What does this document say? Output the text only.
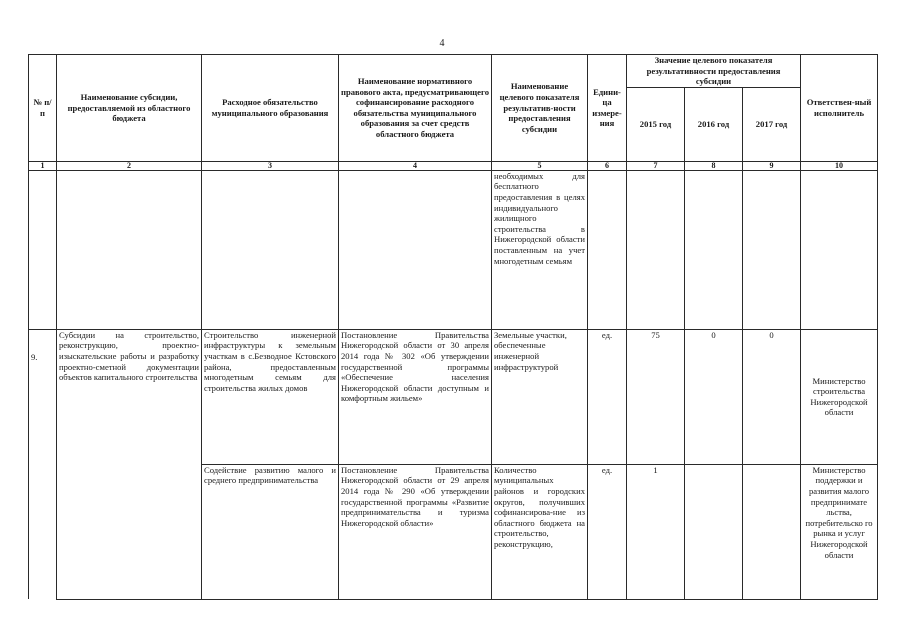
4
№ п/п	Наименование субсидии, предоставляемой из областного бюджета	Расходное обязательство муниципального образования	Наименование нормативного правового акта, предусматривающего софинансирование расходного обязательства муниципального образования за счет средств областного бюджета	Наименование целевого показателя результатив-ности предоставления субсидии	Едини-ца измере-ния	Значение целевого показателя результативности предоставления субсидии			Ответствен-ный исполнитель
						2015 год	2016 год	2017 год	
1	2	3	4	5	6	7	8	9	10
				необходимых для бесплатного предоставления в целях индивидуального жилищного строительства в Нижегородской области поставленным на учет многодетным семьям					
9.	Субсидии на строительство, реконструкцию, проектно-изыскательские работы и разработку проектно-сметной документации объектов капитального строительства	Строительство инженерной инфраструктуры к земельным участкам в с.Безводное Кстовского района, предоставленным многодетным семьям для строительства жилых домов	Постановление Правительства Нижегородской области от 30 апреля 2014 года № 302 «Об утверждении государственной программы «Обеспечение населения Нижегородской области доступным и комфортным жильем»	Земельные участки, обеспеченные инженерной инфраструктурой	ед.	75	0	0	Министерство строительства Нижегородской области
		Содействие развитию малого и среднего предпринимательства	Постановление Правительства Нижегородской области от 29 апреля 2014 года № 290 «Об утверждении государственной программы «Развитие предпринимательства и туризма Нижегородской области»	Количество муниципальных районов и городских округов, получивших софинансирова-ние из областного бюджета на строительство, реконструкцию,	ед.	1			Министерство поддержки и развития малого предпринимате льства, потребительско го рынка и услуг Нижегородской области
